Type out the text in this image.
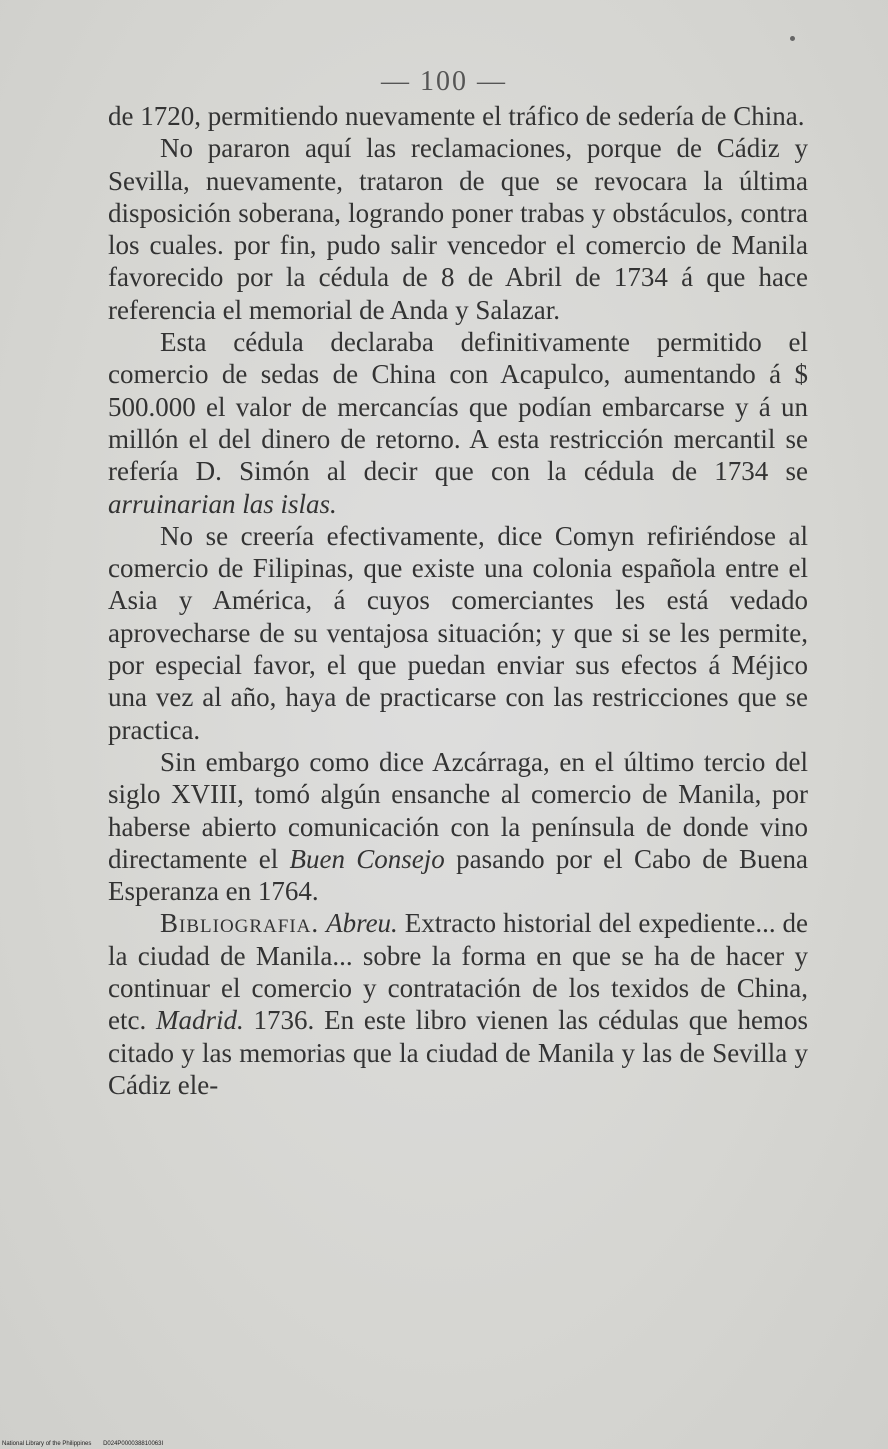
— 100 —

de 1720, permitiendo nuevamente el tráfico de sedería de China.

No pararon aquí las reclamaciones, porque de Cádiz y Sevilla, nuevamente, trataron de que se revocara la última disposición soberana, logrando poner trabas y obstáculos, contra los cuales. por fin, pudo salir vencedor el comercio de Manila favorecido por la cédula de 8 de Abril de 1734 á que hace referencia el memorial de Anda y Salazar.

Esta cédula declaraba definitivamente permitido el comercio de sedas de China con Acapulco, aumentando á $ 500.000 el valor de mercancías que podían embarcarse y á un millón el del dinero de retorno. A esta restricción mercantil se refería D. Simón al decir que con la cédula de 1734 se arruinarian las islas.

No se creería efectivamente, dice Comyn refiriéndose al comercio de Filipinas, que existe una colonia española entre el Asia y América, á cuyos comerciantes les está vedado aprovecharse de su ventajosa situación; y que si se les permite, por especial favor, el que puedan enviar sus efectos á Méjico una vez al año, haya de practicarse con las restricciones que se practica.

Sin embargo como dice Azcárraga, en el último tercio del siglo XVIII, tomó algún ensanche al comercio de Manila, por haberse abierto comunicación con la península de donde vino directamente el Buen Consejo pasando por el Cabo de Buena Esperanza en 1764.

Bibliografia. Abreu. Extracto historial del expediente... de la ciudad de Manila... sobre la forma en que se ha de hacer y continuar el comercio y contratación de los texidos de China, etc. Madrid. 1736. En este libro vienen las cédulas que hemos citado y las memorias que la ciudad de Manila y las de Sevilla y Cádiz ele-

National Library of the Philippines D024P000038810063I
